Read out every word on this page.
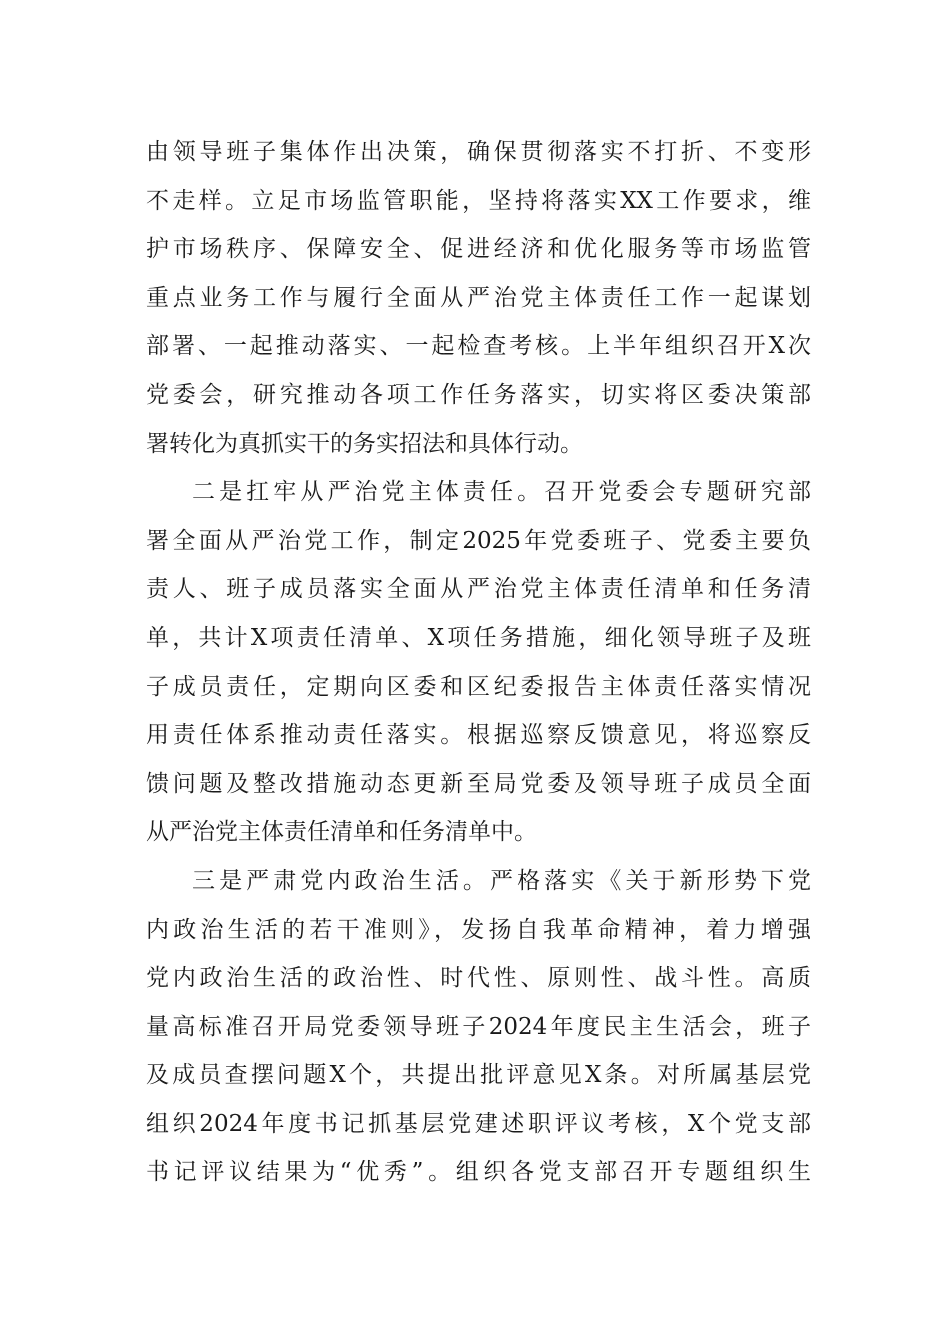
由领导班子集体作出决策，确保贯彻落实不打折、不变形
不走样。立足市场监管职能，坚持将落实XX工作要求，维
护市场秩序、保障安全、促进经济和优化服务等市场监管
重点业务工作与履行全面从严治党主体责任工作一起谋划
部署、一起推动落实、一起检查考核。上半年组织召开X次
党委会，研究推动各项工作任务落实，切实将区委决策部
署转化为真抓实干的务实招法和具体行动。
二是扛牢从严治党主体责任。召开党委会专题研究部
署全面从严治党工作，制定2025年党委班子、党委主要负
责人、班子成员落实全面从严治党主体责任清单和任务清
单，共计X项责任清单、X项任务措施，细化领导班子及班
子成员责任，定期向区委和区纪委报告主体责任落实情况
用责任体系推动责任落实。根据巡察反馈意见，将巡察反
馈问题及整改措施动态更新至局党委及领导班子成员全面
从严治党主体责任清单和任务清单中。
三是严肃党内政治生活。严格落实《关于新形势下党
内政治生活的若干准则》，发扬自我革命精神，着力增强
党内政治生活的政治性、时代性、原则性、战斗性。高质
量高标准召开局党委领导班子2024年度民主生活会，班子
及成员查摆问题X个，共提出批评意见X条。对所属基层党
组织2024年度书记抓基层党建述职评议考核，X个党支部
书记评议结果为“优秀”。组织各党支部召开专题组织生
